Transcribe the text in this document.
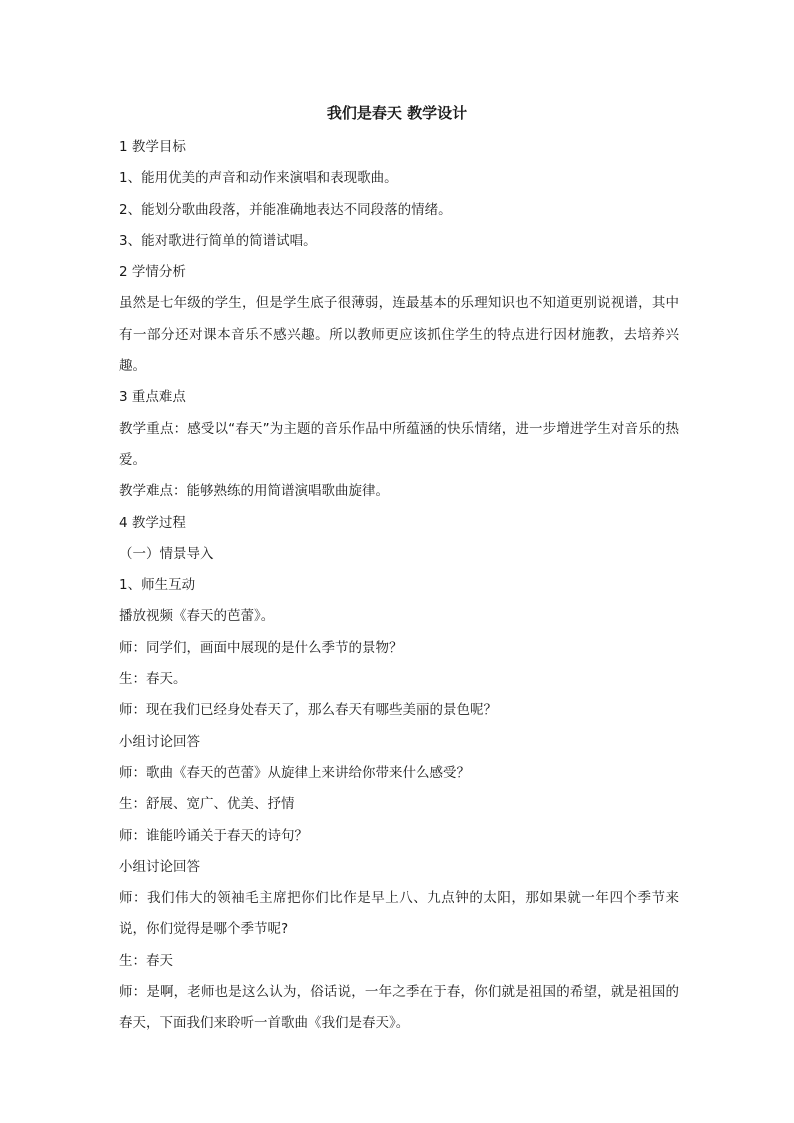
我们是春天 教学设计
1 教学目标
1、能用优美的声音和动作来演唱和表现歌曲。
2、能划分歌曲段落，并能准确地表达不同段落的情绪。
3、能对歌进行简单的简谱试唱。
2 学情分析
虽然是七年级的学生，但是学生底子很薄弱，连最基本的乐理知识也不知道更别说视谱，其中有一部分还对课本音乐不感兴趣。所以教师更应该抓住学生的特点进行因材施教，去培养兴趣。
3 重点难点
教学重点：感受以“春天”为主题的音乐作品中所蕴涵的快乐情绪，进一步增进学生对音乐的热爱。
教学难点：能够熟练的用简谱演唱歌曲旋律。
4 教学过程
（一）情景导入
1、师生互动
播放视频《春天的芭蕾》。
师：同学们，画面中展现的是什么季节的景物？
生：春天。
师：现在我们已经身处春天了，那么春天有哪些美丽的景色呢？
小组讨论回答
师：歌曲《春天的芭蕾》从旋律上来讲给你带来什么感受？
生：舒展、宽广、优美、抒情
师：谁能吟诵关于春天的诗句？
小组讨论回答
师：我们伟大的领袖毛主席把你们比作是早上八、九点钟的太阳，那如果就一年四个季节来说，你们觉得是哪个季节呢?
生：春天
师：是啊，老师也是这么认为，俗话说，一年之季在于春，你们就是祖国的希望，就是祖国的春天，下面我们来聆听一首歌曲《我们是春天》。
